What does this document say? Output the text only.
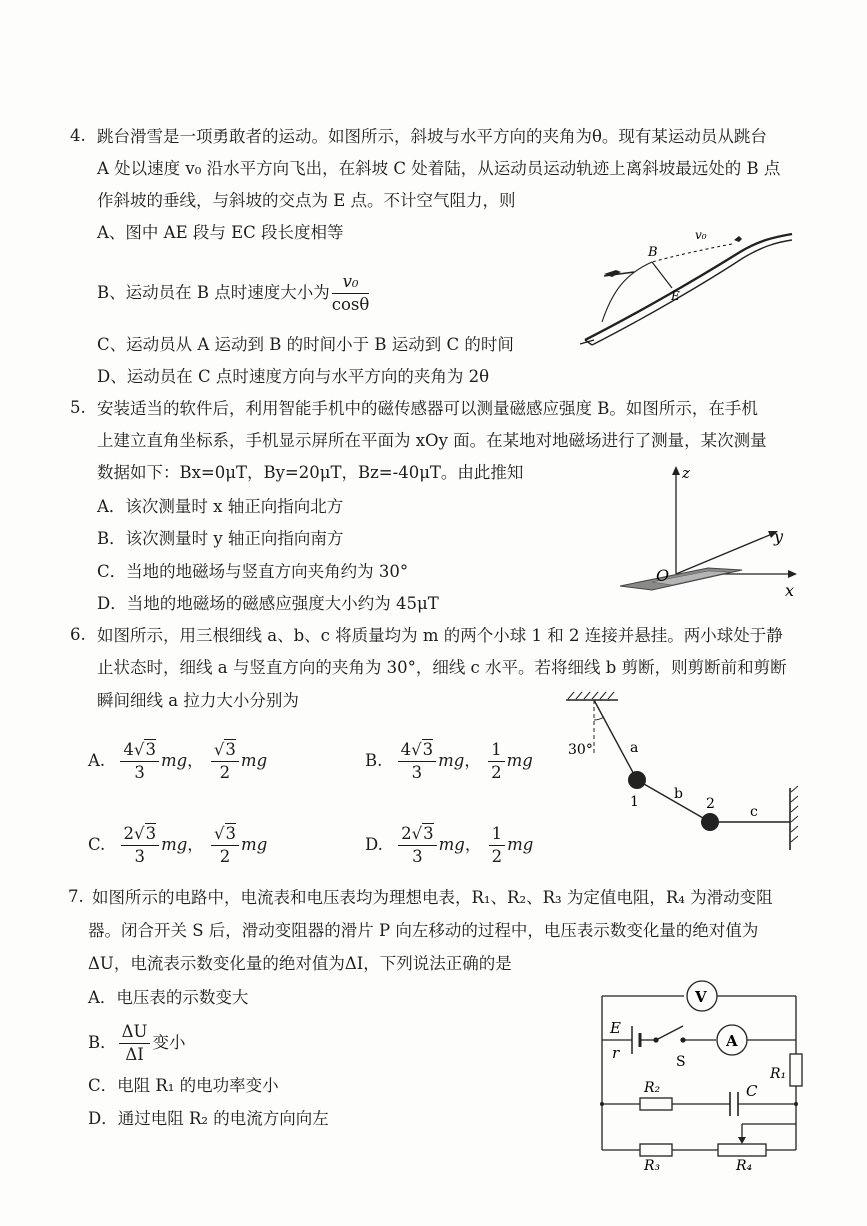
4. 跳台滑雪是一项勇敢者的运动。如图所示，斜坡与水平方向的夹角为θ。现有某运动员从跳台
A 处以速度 v₀ 沿水平方向飞出，在斜坡 C 处着陆，从运动员运动轨迹上离斜坡最远处的 B 点
作斜坡的垂线，与斜坡的交点为 E 点。不计空气阻力，则
A、图中 AE 段与 EC 段长度相等
B、运动员在 B 点时速度大小为 $\frac{\text{v₀}}{\cos\theta}$
C、运动员从 A 运动到 B 的时间小于 B 运动到 C 的时间
D、运动员在 C 点时速度方向与水平方向的夹角为 2θ
B
v₀
E
5. 安装适当的软件后，利用智能手机中的磁传感器可以测量磁感应强度 B。如图所示，在手机
上建立直角坐标系，手机显示屏所在平面为 xOy 面。在某地对地磁场进行了测量，某次测量
数据如下：Bx=0μT，By=20μT，Bz=-40μT。由此推知
A．该次测量时 x 轴正向指向北方
B．该次测量时 y 轴正向指向南方
C．当地的地磁场与竖直方向夹角约为 30°
D．当地的地磁场的磁感应强度大小约为 45μT
z
y
x
O
6. 如图所示，用三根细线 a、b、c 将质量均为 m 的两个小球 1 和 2 连接并悬挂。两小球处于静
止状态时，细线 a 与竖直方向的夹角为 30°，细线 c 水平。若将细线 b 剪断，则剪断前和剪断
瞬间细线 a 拉力大小分别为
A. $\frac{4√3}{3}$ mg， $\frac{√3}{2}$ mg	B. $\frac{4√3}{3}$ mg， $\frac{1}{2}$ mg
C. $\frac{2√3}{3}$ mg， $\frac{√3}{2}$ mg	D. $\frac{2√3}{3}$ mg， $\frac{1}{2}$ mg
30°	a
b
c
1	2
7. 如图所示的电路中，电流表和电压表均为理想电表，R₁、R₂、R₃ 为定值电阻，R₄ 为滑动变阻
器。闭合开关 S 后，滑动变阻器的滑片 P 向左移动的过程中，电压表示数变化量的绝对值为
ΔU，电流表示数变化量的绝对值为ΔI，下列说法正确的是
A．电压表的示数变大
B． $\frac{\Delta U}{\Delta I}$ 变小
C．电阻 R₁ 的电功率变小
D．通过电阻 R₂ 的电流方向向左
V
A
E
r	S
R₁
R₂	C
R₃	R₄
